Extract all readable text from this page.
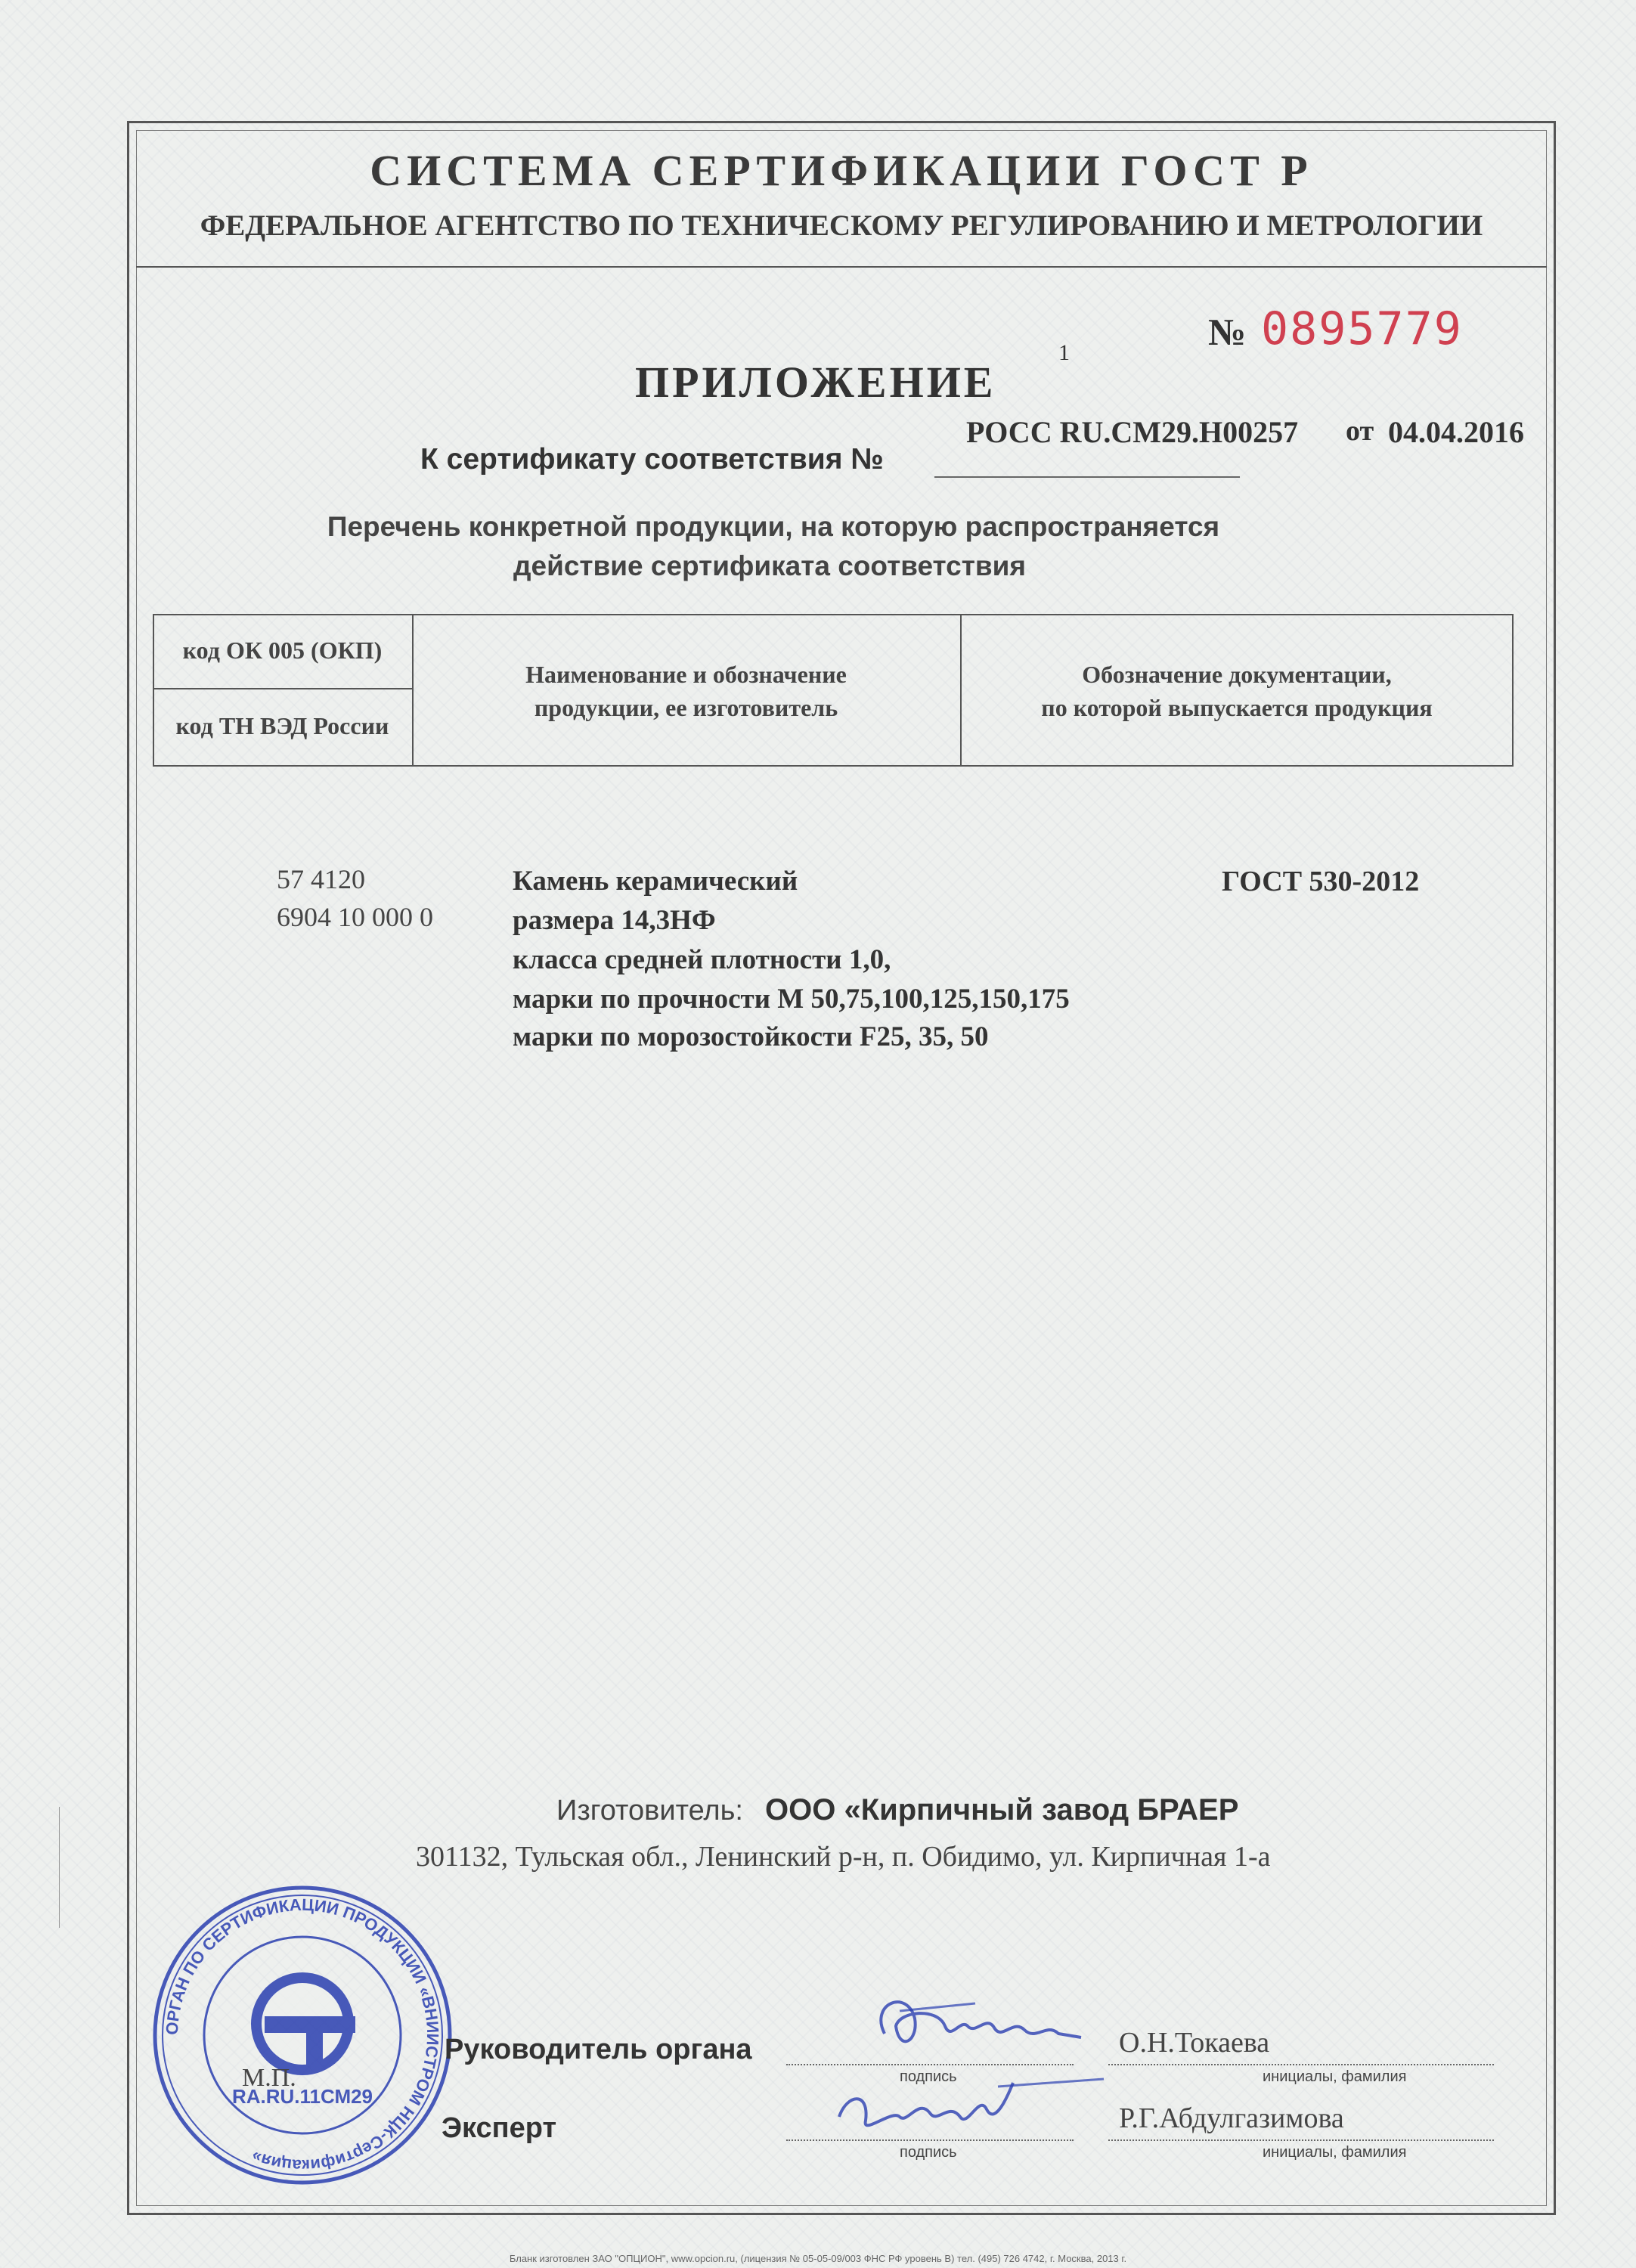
СИСТЕМА СЕРТИФИКАЦИИ ГОСТ Р
ФЕДЕРАЛЬНОЕ АГЕНТСТВО ПО ТЕХНИЧЕСКОМУ РЕГУЛИРОВАНИЮ И МЕТРОЛОГИИ
№ 0895779
ПРИЛОЖЕНИЕ
1
РОСС RU.СМ29.Н00257 от 04.04.2016
К сертификату соответствия №
Перечень конкретной продукции, на которую распространяется
действие сертификата соответствия
код ОК 005 (ОКП)
код ТН ВЭД России
Наименование и обозначение
продукции, ее изготовитель
Обозначение документации,
по которой выпускается продукция
57 4120
6904 10 000 0
Камень керамический
размера 14,3НФ
класса средней плотности 1,0,
марки по прочности М 50,75,100,125,150,175
марки по морозостойкости F25, 35, 50
ГОСТ 530-2012
Изготовитель: ООО «Кирпичный завод БРАЕР
301132, Тульская обл., Ленинский р-н, п. Обидимо, ул. Кирпичная 1-а
ОРГАН ПО СЕРТИФИКАЦИИ ПРОДУКЦИИ «ВНИИСТРОМ НЦК-Сертификация»
RA.RU.11СМ29
М.П.
Руководитель органа
Эксперт
подпись
подпись
инициалы, фамилия
инициалы, фамилия
О.Н.Токаева
Р.Г.Абдулгазимова
Бланк изготовлен ЗАО "ОПЦИОН", www.opcion.ru, (лицензия № 05-05-09/003 ФНС РФ уровень В) тел. (495) 726 4742, г. Москва, 2013 г.
